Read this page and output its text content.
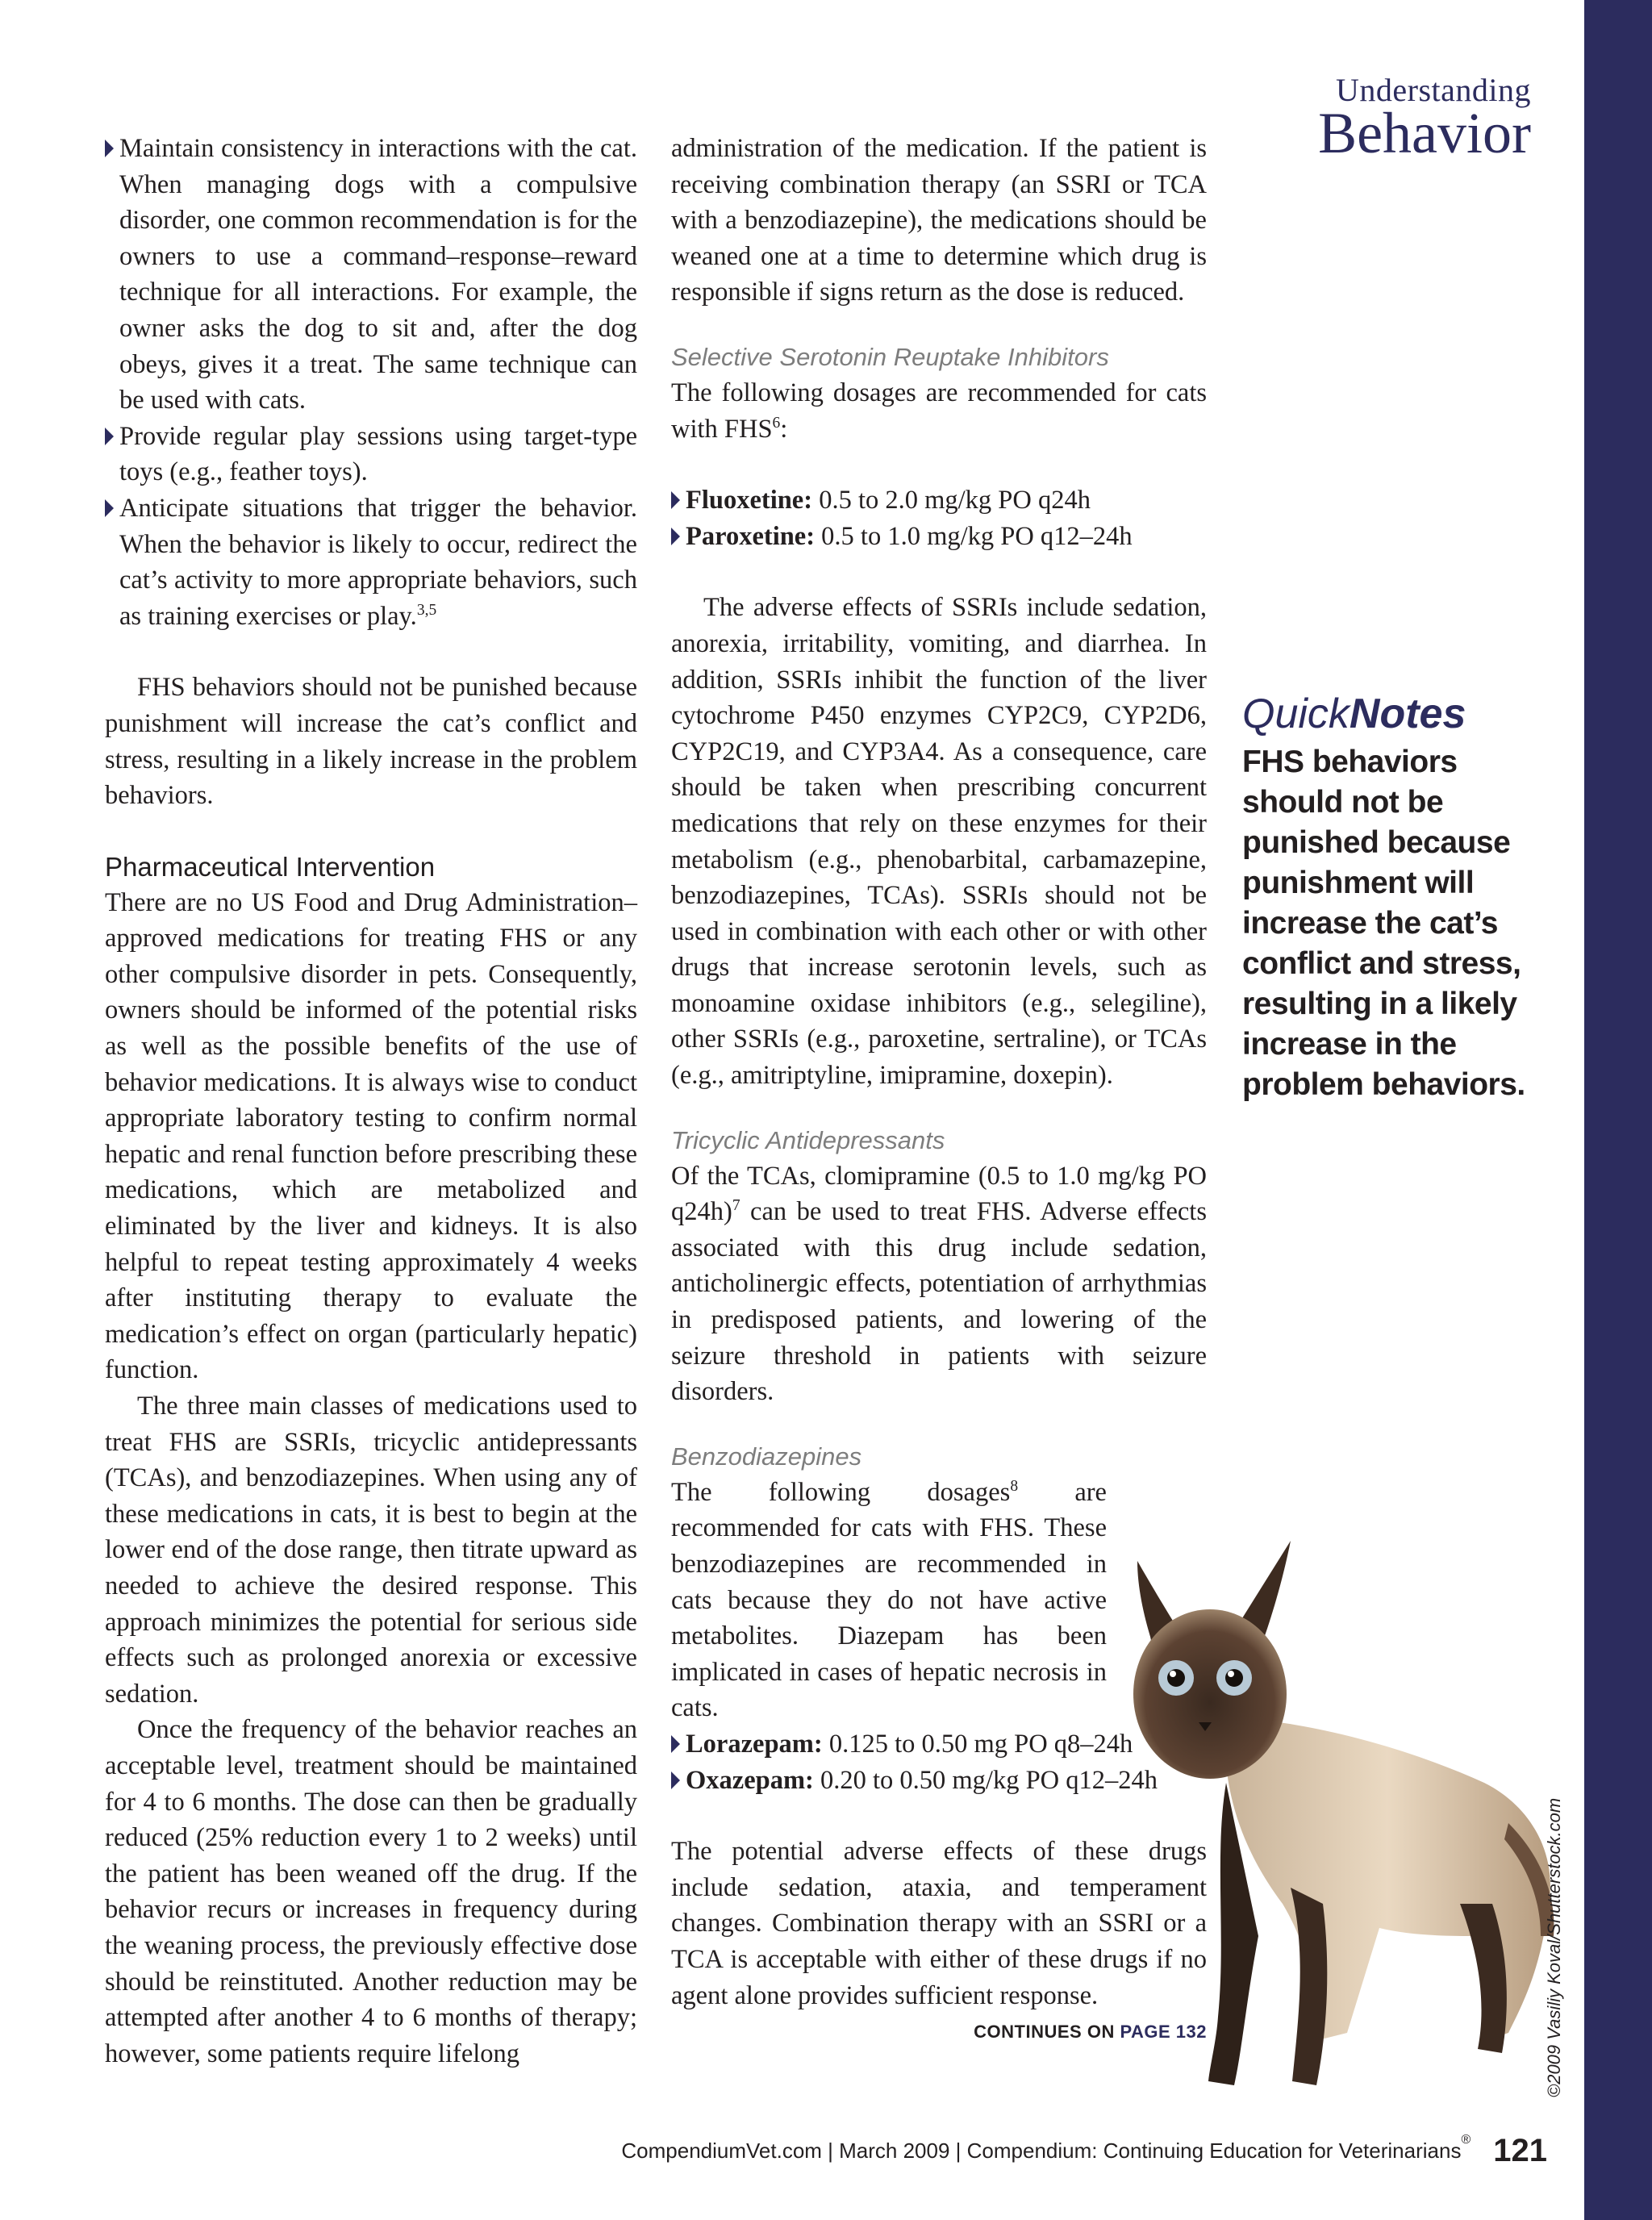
Understanding
Behavior
Maintain consistency in interactions with the cat. When managing dogs with a compulsive disorder, one common recommendation is for the owners to use a command–response–reward technique for all interactions. For example, the owner asks the dog to sit and, after the dog obeys, gives it a treat. The same technique can be used with cats.
Provide regular play sessions using target-type toys (e.g., feather toys).
Anticipate situations that trigger the behavior. When the behavior is likely to occur, redirect the cat’s activity to more appropriate behaviors, such as training exercises or play.$^{3,5}$

FHS behaviors should not be punished because punishment will increase the cat’s conflict and stress, resulting in a likely increase in the problem behaviors.

Pharmaceutical Intervention

There are no US Food and Drug Administration–approved medications for treating FHS or any other compulsive disorder in pets. Consequently, owners should be informed of the potential risks as well as the possible benefits of the use of behavior medications. It is always wise to conduct appropriate laboratory testing to confirm normal hepatic and renal function before prescribing these medications, which are metabolized and eliminated by the liver and kidneys. It is also helpful to repeat testing approximately 4 weeks after instituting therapy to evaluate the medication’s effect on organ (particularly hepatic) function.

The three main classes of medications used to treat FHS are SSRIs, tricyclic antidepressants (TCAs), and benzodiazepines. When using any of these medications in cats, it is best to begin at the lower end of the dose range, then titrate upward as needed to achieve the desired response. This approach minimizes the potential for serious side effects such as prolonged anorexia or excessive sedation.

Once the frequency of the behavior reaches an acceptable level, treatment should be maintained for 4 to 6 months. The dose can then be gradually reduced (25% reduction every 1 to 2 weeks) until the patient has been weaned off the drug. If the behavior recurs or increases in frequency during the weaning process, the previously effective dose should be reinstituted. Another reduction may be attempted after another 4 to 6 months of therapy; however, some patients require lifelong

administration of the medication. If the patient is receiving combination therapy (an SSRI or TCA with a benzodiazepine), the medications should be weaned one at a time to determine which drug is responsible if signs return as the dose is reduced.

Selective Serotonin Reuptake Inhibitors

The following dosages are recommended for cats with FHS$^6$:

Fluoxetine: 0.5 to 2.0 mg/kg PO q24h
Paroxetine: 0.5 to 1.0 mg/kg PO q12–24h

The adverse effects of SSRIs include sedation, anorexia, irritability, vomiting, and diarrhea. In addition, SSRIs inhibit the function of the liver cytochrome P450 enzymes CYP2C9, CYP2D6, CYP2C19, and CYP3A4. As a consequence, care should be taken when prescribing concurrent medications that rely on these enzymes for their metabolism (e.g., phenobarbital, carbamazepine, benzodiazepines, TCAs). SSRIs should not be used in combination with each other or with other drugs that increase serotonin levels, such as monoamine oxidase inhibitors (e.g., selegiline), other SSRIs (e.g., paroxetine, sertraline), or TCAs (e.g., amitriptyline, imipramine, doxepin).

Tricyclic Antidepressants

Of the TCAs, clomipramine (0.5 to 1.0 mg/kg PO q24h)$^7$ can be used to treat FHS. Adverse effects associated with this drug include sedation, anticholinergic effects, potentiation of arrhythmias in predisposed patients, and lowering of the seizure threshold in patients with seizure disorders.

Benzodiazepines

The following dosages$^8$ are recommended for cats with FHS. These benzodiazepines are recommended in cats because they do not have active metabolites. Diazepam has been implicated in cases of hepatic necrosis in cats.

Lorazepam: 0.125 to 0.50 mg PO q8–24h
Oxazepam: 0.20 to 0.50 mg/kg PO q12–24h

The potential adverse effects of these drugs include sedation, ataxia, and temperament changes. Combination therapy with an SSRI or a TCA is acceptable with either of these drugs if no agent alone provides sufficient response.

CONTINUES ON PAGE 132
QuickNotes
FHS behaviors should not be punished because punishment will increase the cat’s conflict and stress, resulting in a likely increase in the problem behaviors.
©2009 Vasiliy Koval/Shutterstock.com
CompendiumVet.com | March 2009 | Compendium: Continuing Education for Veterinarians® 121
